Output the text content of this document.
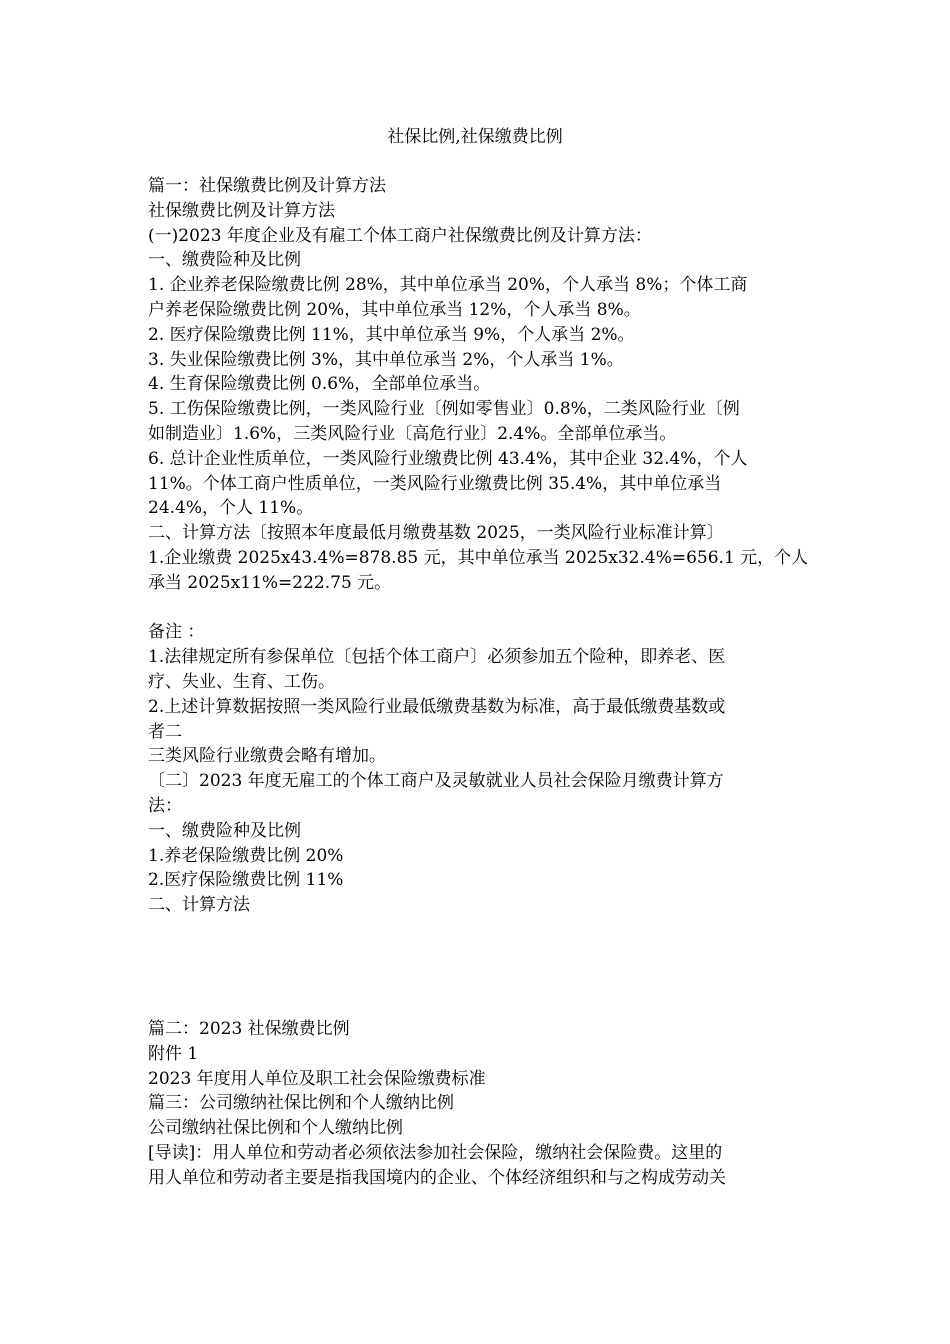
社保比例,社保缴费比例
篇一：社保缴费比例及计算方法
社保缴费比例及计算方法
(一)2023 年度企业及有雇工个体工商户社保缴费比例及计算方法：
一、缴费险种及比例
1. 企业养老保险缴费比例 28%，其中单位承当 20%，个人承当 8%；个体工商
户养老保险缴费比例 20%，其中单位承当 12%，个人承当 8%。
2. 医疗保险缴费比例 11%，其中单位承当 9%，个人承当 2%。
3. 失业保险缴费比例 3%，其中单位承当 2%，个人承当 1%。
4. 生育保险缴费比例 0.6%，全部单位承当。
5. 工伤保险缴费比例，一类风险行业〔例如零售业〕0.8%，二类风险行业〔例
如制造业〕1.6%，三类风险行业〔高危行业〕2.4%。全部单位承当。
6. 总计企业性质单位，一类风险行业缴费比例 43.4%，其中企业 32.4%，个人
11%。个体工商户性质单位，一类风险行业缴费比例 35.4%，其中单位承当
24.4%，个人 11%。
二、计算方法〔按照本年度最低月缴费基数 2025，一类风险行业标准计算〕
1.企业缴费 2025x43.4%=878.85 元，其中单位承当 2025x32.4%=656.1 元，个人
承当 2025x11%=222.75 元。
备注 ：
1.法律规定所有参保单位〔包括个体工商户〕必须参加五个险种，即养老、医
疗、失业、生育、工伤。
2.上述计算数据按照一类风险行业最低缴费基数为标准，高于最低缴费基数或
者二
三类风险行业缴费会略有增加。
〔二〕2023 年度无雇工的个体工商户及灵敏就业人员社会保险月缴费计算方
法：
一、缴费险种及比例
1.养老保险缴费比例 20%
2.医疗保险缴费比例 11%
二、计算方法
篇二：2023 社保缴费比例
附件 1
2023 年度用人单位及职工社会保险缴费标准
篇三：公司缴纳社保比例和个人缴纳比例
公司缴纳社保比例和个人缴纳比例
[导读]：用人单位和劳动者必须依法参加社会保险，缴纳社会保险费。这里的
用人单位和劳动者主要是指我国境内的企业、个体经济组织和与之构成劳动关
